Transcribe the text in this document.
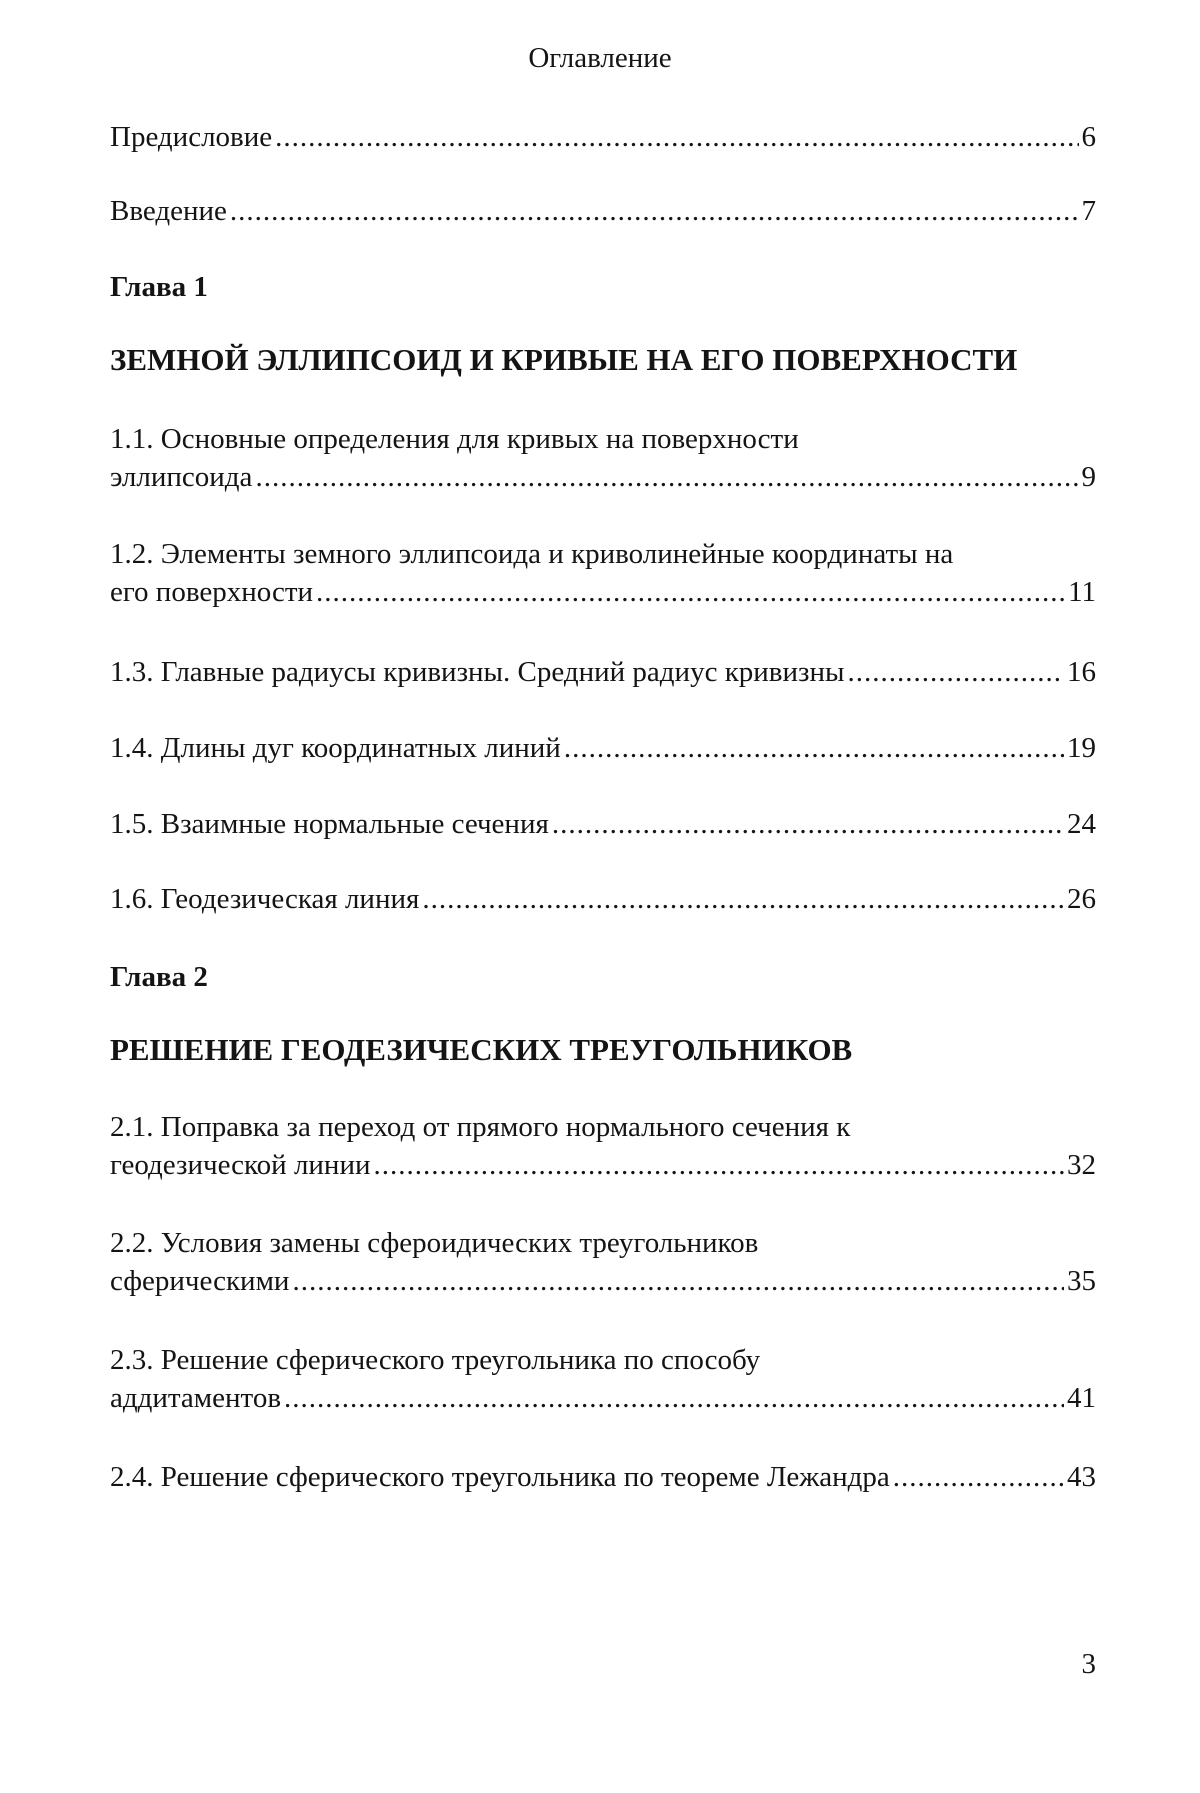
Оглавление
Предисловие .....	6
Введение .....	7
Глава 1
ЗЕМНОЙ ЭЛЛИПСОИД И КРИВЫЕ НА ЕГО ПОВЕРХНОСТИ
1.1. Основные определения для кривых на поверхности
эллипсоида .....	9
1.2. Элементы земного эллипсоида и криволинейные координаты на
его поверхности .....	11
1.3. Главные радиусы кривизны. Средний радиус кривизны .....	16
1.4. Длины дуг координатных линий .....	19
1.5. Взаимные нормальные сечения .....	24
1.6. Геодезическая линия .....	26
Глава 2
РЕШЕНИЕ ГЕОДЕЗИЧЕСКИХ ТРЕУГОЛЬНИКОВ
2.1. Поправка за переход от прямого нормального сечения к
геодезической линии .....	32
2.2. Условия замены сфероидических треугольников
сферическими .....	35
2.3. Решение сферического треугольника по способу
аддитаментов .....	41
2.4. Решение сферического треугольника по теореме Лежандра .....	43
3
